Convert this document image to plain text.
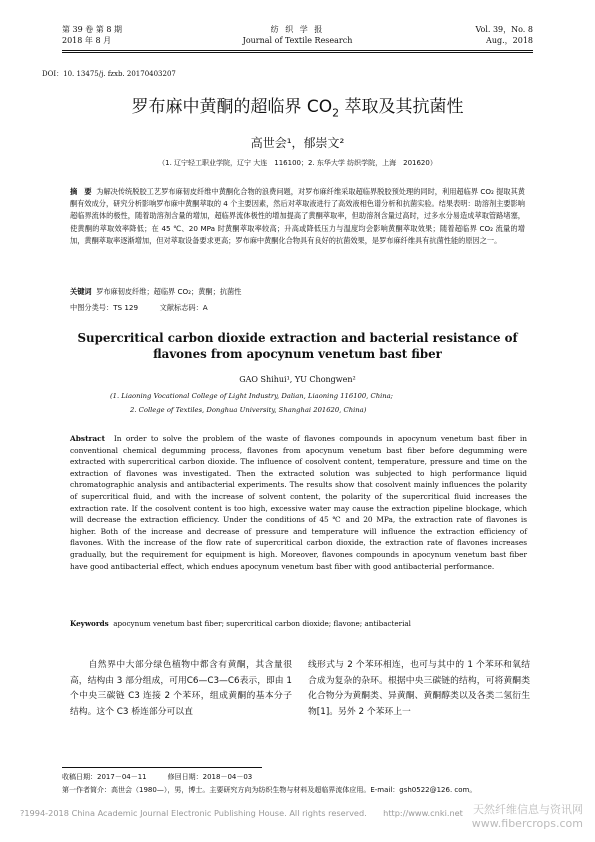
第 39 卷 第 8 期
2018 年 8 月
纺 织 学 报
Journal of Textile Research
Vol. 39，No. 8
Aug.，2018
DOI：10. 13475/j. fzxb. 20170403207
罗布麻中黄酮的超临界 $CO_2$ 萃取及其抗菌性
高世会¹，郁崇文²
（1. 辽宁轻工职业学院，辽宁 大连　116100；2. 东华大学 纺织学院，上海　201620）
摘　要 为解决传统脱胶工艺罗布麻韧皮纤维中黄酮化合物的浪费问题，对罗布麻纤维采取超临界脱胶预处理的同时，利用超临界 CO₂ 提取其黄酮有效成分，研究分析影响罗布麻中黄酮萃取的 4 个主要因素，然后对萃取液进行了高效液相色谱分析和抗菌实验。结果表明：助溶剂主要影响超临界流体的极性，随着助溶剂含量的增加，超临界流体极性的增加提高了黄酮萃取率，但助溶剂含量过高时，过多水分易造成萃取管路堵塞，使黄酮的萃取效率降低；在 45 ℃、20 MPa 时黄酮萃取率较高；升高或降低压力与温度均会影响黄酮萃取效果；随着超临界 CO₂ 流量的增加，黄酮萃取率逐渐增加，但对萃取设备要求更高；罗布麻中黄酮化合物具有良好的抗菌效果，是罗布麻纤维具有抗菌性能的原因之一。
关键词 罗布麻韧皮纤维；超临界 CO₂；黄酮；抗菌性
中图分类号：TS 129　　　文献标志码：A
Supercritical carbon dioxide extraction and bacterial resistance of flavones from apocynum venetum bast fiber
GAO Shihui¹, YU Chongwen²
(1. Liaoning Vocational College of Light Industry, Dalian, Liaoning 116100, China;
2. College of Textiles, Donghua University, Shanghai 201620, China)
Abstract In order to solve the problem of the waste of flavones compounds in apocynum venetum bast fiber in conventional chemical degumming process, flavones from apocynum venetum bast fiber before degumming were extracted with supercritical carbon dioxide. The influence of cosolvent content, temperature, pressure and time on the extraction of flavones was investigated. Then the extracted solution was subjected to high performance liquid chromatographic analysis and antibacterial experiments. The results show that cosolvent mainly influences the polarity of supercritical fluid, and with the increase of solvent content, the polarity of the supercritical fluid increases the extraction rate. If the cosolvent content is too high, excessive water may cause the extraction pipeline blockage, which will decrease the extraction efficiency. Under the conditions of 45 ℃ and 20 MPa, the extraction rate of flavones is higher. Both of the increase and decrease of pressure and temperature will influence the extraction efficiency of flavones. With the increase of the flow rate of supercritical carbon dioxide, the extraction rate of flavones increases gradually, but the requirement for equipment is high. Moreover, flavones compounds in apocynum venetum bast fiber have good antibacterial effect, which endues apocynum venetum bast fiber with good antibacterial performance.
Keywords apocynum venetum bast fiber; supercritical carbon dioxide; flavone; antibacterial
　　自然界中大部分绿色植物中都含有黄酮，其含量很高，结构由 3 部分组成，可用C6—C3—C6表示，即由 1 个中央三碳链 C3 连接 2 个苯环，组成黄酮的基本分子结构。这个 C3 桥连部分可以直
线形式与 2 个苯环相连，也可与其中的 1 个苯环和氧结合成为复杂的杂环。根据中央三碳链的结构，可将黄酮类化合物分为黄酮类、异黄酮、黄酮醇类以及各类二氢衍生物[1]。另外 2 个苯环上一
收稿日期：2017－04－11　　　修回日期：2018－04－03
第一作者简介：高世会（1980—），男，博士。主要研究方向为纺织生物与材料及超临界流体应用。E-mail：gsh0522@126. com。
?1994-2018 China Academic Journal Electronic Publishing House. All rights reserved.　　http://www.cnki.net 天然纤维信息与资讯网
www.fibercrops.com
